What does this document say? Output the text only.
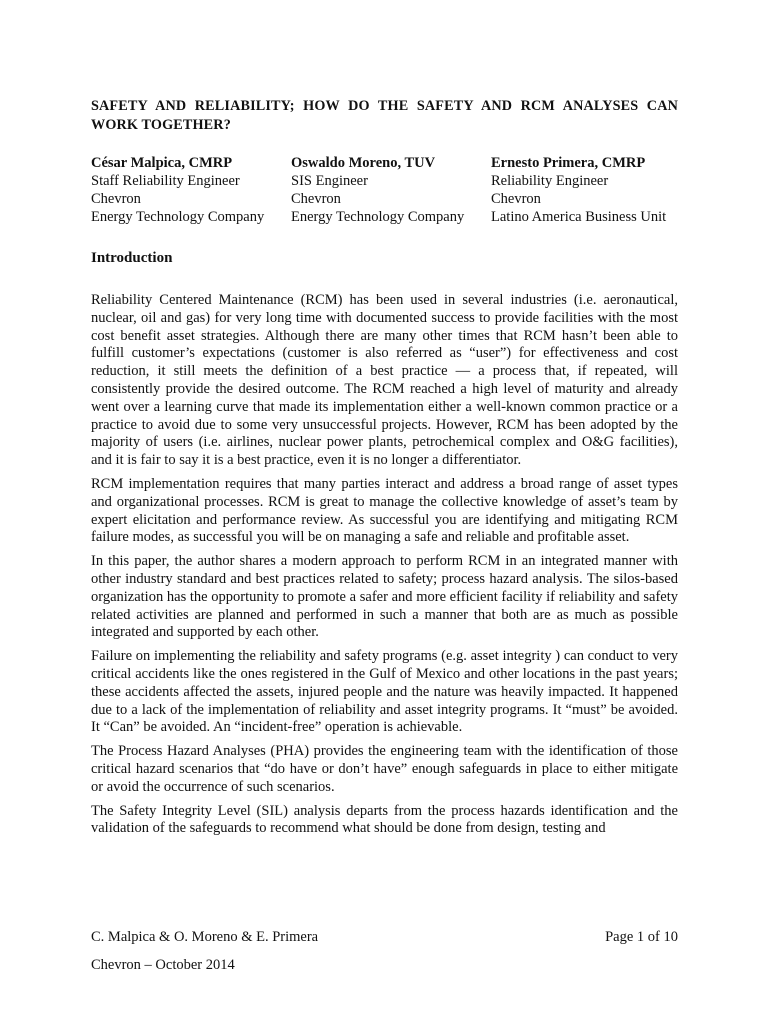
SAFETY AND RELIABILITY; HOW DO THE SAFETY AND RCM ANALYSES CAN WORK TOGETHER?
César Malpica, CMRP
Staff Reliability Engineer
Chevron
Energy Technology Company
Oswaldo Moreno, TUV
SIS Engineer
Chevron
Energy Technology Company
Ernesto Primera, CMRP
Reliability Engineer
Chevron
Latino America Business Unit
Introduction

Reliability Centered Maintenance (RCM) has been used in several industries (i.e. aeronautical, nuclear, oil and gas) for very long time with documented success to provide facilities with the most cost benefit asset strategies. Although there are many other times that RCM hasn’t been able to fulfill customer’s expectations (customer is also referred as “user”) for effectiveness and cost reduction, it still meets the definition of a best practice — a process that, if repeated, will consistently provide the desired outcome. The RCM reached a high level of maturity and already went over a learning curve that made its implementation either a well-known common practice or a practice to avoid due to some very unsuccessful projects. However, RCM has been adopted by the majority of users (i.e. airlines, nuclear power plants, petrochemical complex and O&G facilities), and it is fair to say it is a best practice, even it is no longer a differentiator.

RCM implementation requires that many parties interact and address a broad range of asset types and organizational processes. RCM is great to manage the collective knowledge of asset’s team by expert elicitation and performance review. As successful you are identifying and mitigating RCM failure modes, as successful you will be on managing a safe and reliable and profitable asset.

In this paper, the author shares a modern approach to perform RCM in an integrated manner with other industry standard and best practices related to safety; process hazard analysis. The silos-based organization has the opportunity to promote a safer and more efficient facility if reliability and safety related activities are planned and performed in such a manner that both are as much as possible integrated and supported by each other.

Failure on implementing the reliability and safety programs (e.g. asset integrity ) can conduct to very critical accidents like the ones registered in the Gulf of Mexico and other locations in the past years; these accidents affected the assets, injured people and the nature was heavily impacted. It happened due to a lack of the implementation of reliability and asset integrity programs. It “must” be avoided. It “Can” be avoided. An “incident-free” operation is achievable.

The Process Hazard Analyses (PHA) provides the engineering team with the identification of those critical hazard scenarios that “do have or don’t have” enough safeguards in place to either mitigate or avoid the occurrence of such scenarios.

The Safety Integrity Level (SIL) analysis departs from the process hazards identification and the validation of the safeguards to recommend what should be done from design, testing and

C. Malpica & O. Moreno & E. Primera	Page 1 of 10
Chevron – October 2014
